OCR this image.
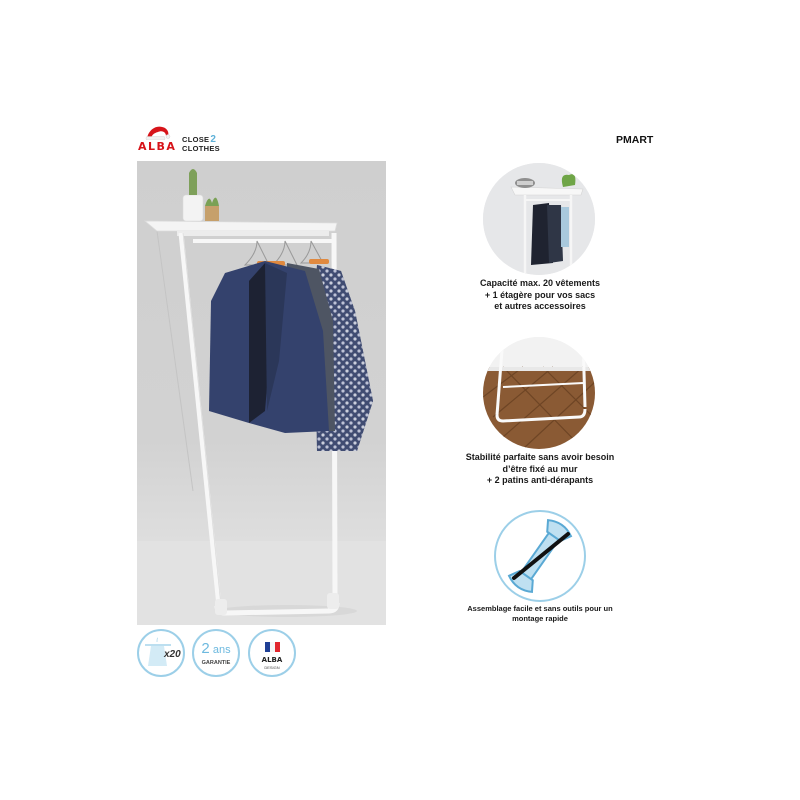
ALBA
CLOSE2
CLOTHES
PMART
x20	2 ans
GARANTIE	ALBA
DESIGN
Capacité max. 20 vêtements
+ 1 étagère pour vos sacs
et autres accessoires
Stabilité parfaite sans avoir besoin
d’être fixé au mur
+ 2 patins anti-dérapants
Assemblage facile et sans outils pour un
montage rapide
